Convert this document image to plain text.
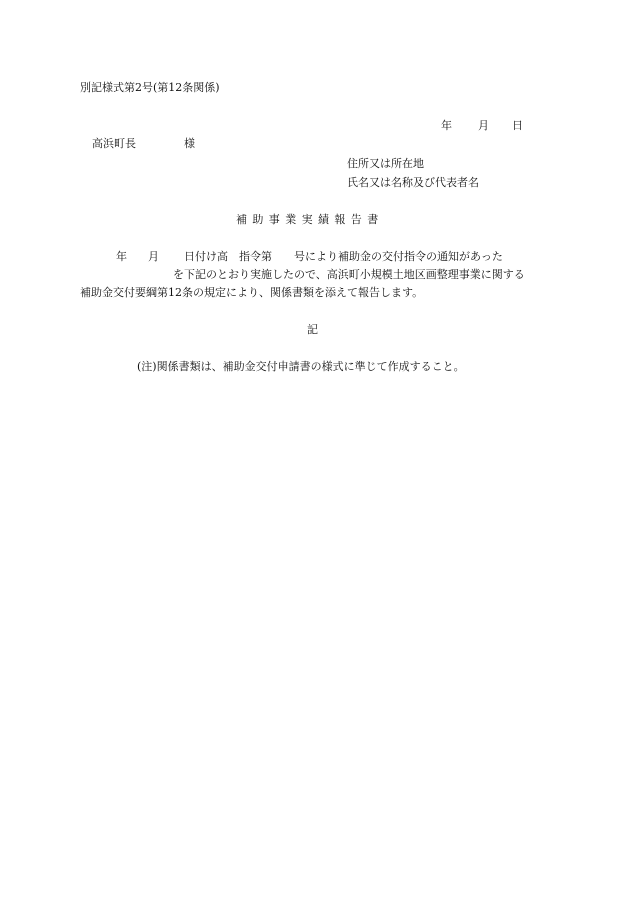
別記様式第2号(第12条関係)
年 月 日
高浜町長	様
住所又は所在地
氏名又は名称及び代表者名
補助事業実績報告書
年 月 日付け高　指令第　　号により補助金の交付指令の通知があった
を下記のとおり実施したので、高浜町小規模土地区画整理事業に関する
補助金交付要綱第12条の規定により、関係書類を添えて報告します。
記
(注)関係書類は、補助金交付申請書の様式に準じて作成すること。
